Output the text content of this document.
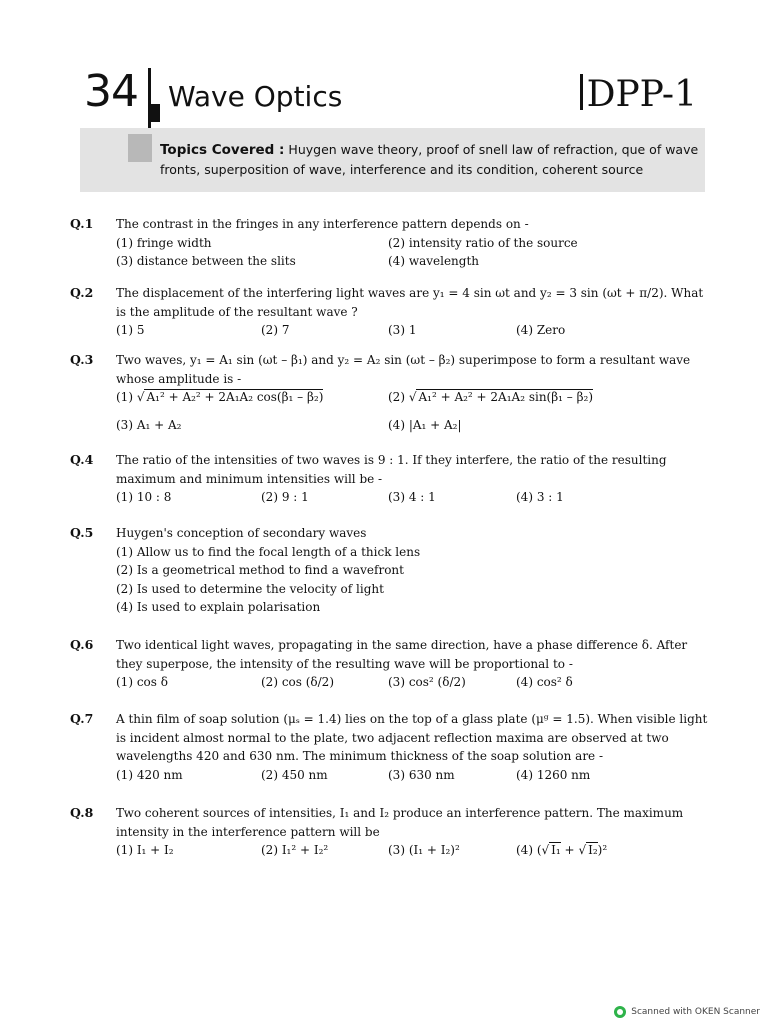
34 Wave Optics	DPP-1
Topics Covered : Huygen wave theory, proof of snell law of refraction, que of wave fronts, superposition of wave, interference and its condition, coherent source
Q.1 The contrast in the fringes in any interference pattern depends on -
(1) fringe width	(2) intensity ratio of the source
(3) distance between the slits	(4) wavelength
Q.2 The displacement of the interfering light waves are y₁ = 4 sin ωt and y₂ = 3 sin (ωt + π/2). What is the amplitude of the resultant wave ?
(1) 5	(2) 7	(3) 1	(4) Zero
Q.3 Two waves, y₁ = A₁ sin (ωt – β₁) and y₂ = A₂ sin (ωt – β₂) superimpose to form a resultant wave whose amplitude is -
(1) √ A₁² + A₂² + 2A₁A₂ cos(β₁ – β₂)	(2) √ A₁² + A₂² + 2A₁A₂ sin(β₁ – β₂)
(3) A₁ + A₂	(4) |A₁ + A₂|
Q.4 The ratio of the intensities of two waves is 9 : 1. If they interfere, the ratio of the resulting maximum and minimum intensities will be -
(1) 10 : 8	(2) 9 : 1	(3) 4 : 1	(4) 3 : 1
Q.5 Huygen's conception of secondary waves
(1) Allow us to find the focal length of a thick lens
(2) Is a geometrical method to find a wavefront
(2) Is used to determine the velocity of light
(4) Is used to explain polarisation
Q.6 Two identical light waves, propagating in the same direction, have a phase difference δ. After they superpose, the intensity of the resulting wave will be proportional to -
(1) cos δ	(2) cos (δ/2)	(3) cos² (δ/2)	(4) cos² δ
Q.7 A thin film of soap solution (μₛ = 1.4) lies on the top of a glass plate (μᵍ = 1.5). When visible light is incident almost normal to the plate, two adjacent reflection maxima are observed at two wavelengths 420 and 630 nm. The minimum thickness of the soap solution are -
(1) 420 nm	(2) 450 nm	(3) 630 nm	(4) 1260 nm
Q.8 Two coherent sources of intensities, I₁ and I₂ produce an interference pattern. The maximum intensity in the interference pattern will be
(1) I₁ + I₂	(2) I₁² + I₂²	(3) (I₁ + I₂)²	(4) (√ I₁ + √ I₂)²
Scanned with OKEN Scanner
